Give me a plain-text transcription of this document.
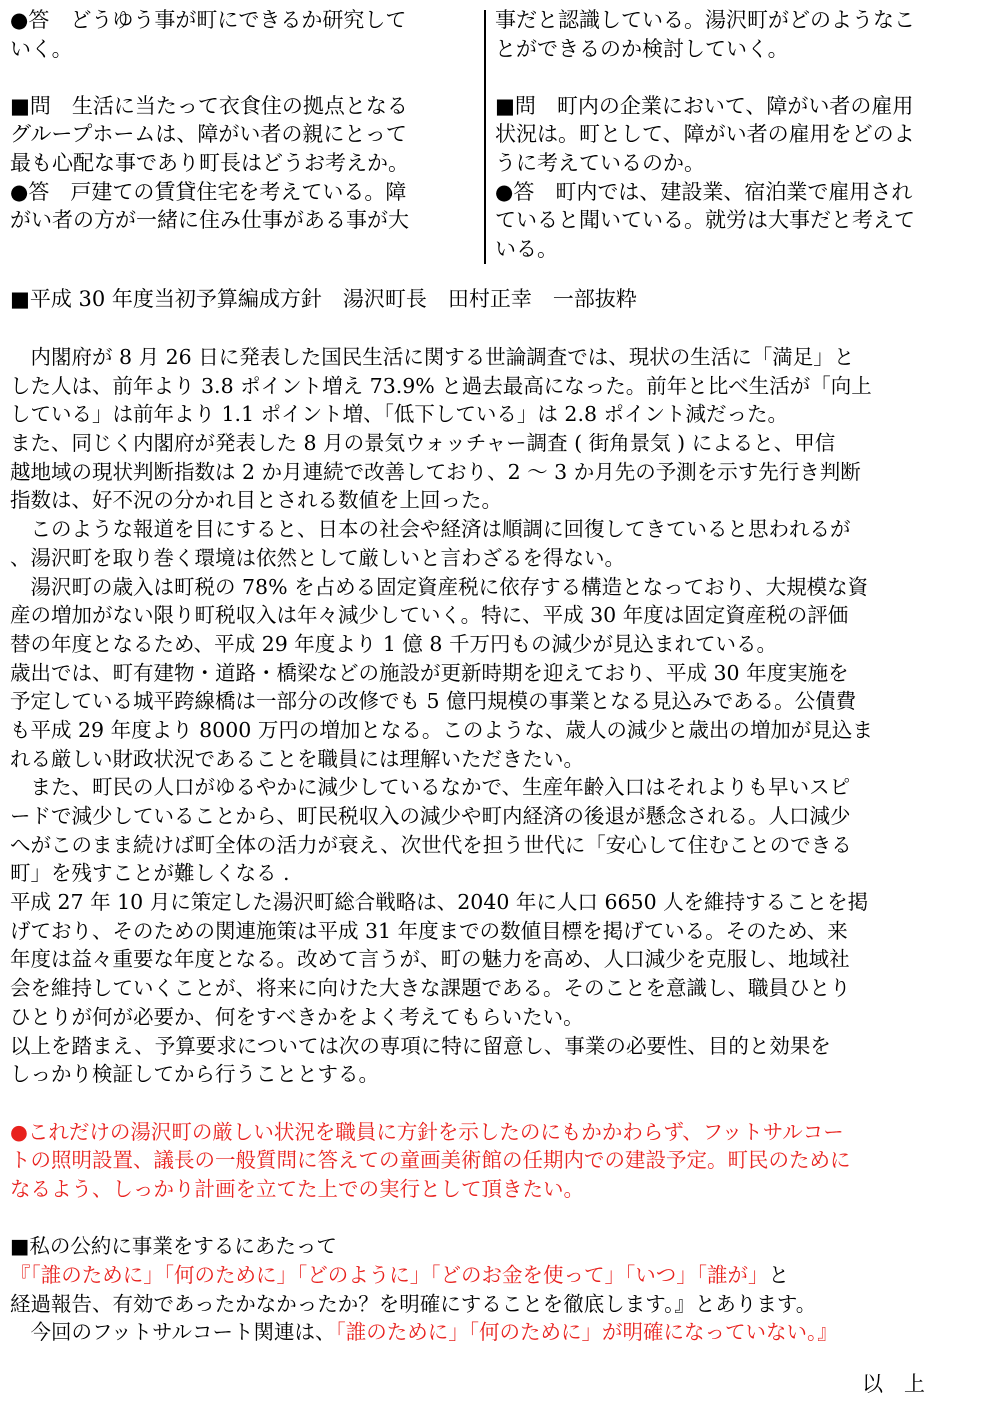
●答　どうゆう事が町にできるか研究して

いく。

■問　生活に当たって衣食住の拠点となる

グループホームは、障がい者の親にとって

最も心配な事であり町長はどうお考えか。

●答　戸建ての賃貸住宅を考えている。障

がい者の方が一緒に住み仕事がある事が大

事だと認識している。湯沢町がどのようなこ

とができるのか検討していく。

■問　町内の企業において、障がい者の雇用

状況は。町として、障がい者の雇用をどのよ

うに考えているのか。

●答　町内では、建設業、宿泊業で雇用され

ていると聞いている。就労は大事だと考えて

いる。

■平成 30 年度当初予算編成方針　湯沢町長　田村正幸　一部抜粋
　内閣府が 8 月 26 日に発表した国民生活に関する世論調査では、現状の生活に「満足」と
した人は、前年より 3.8 ポイント増え 73.9% と過去最高になった。前年と比べ生活が「向上
している」は前年より 1.1 ポイント増、「低下している」は 2.8 ポイント減だった。
また、同じく内閣府が発表した 8 月の景気ウォッチャー調査 ( 街角景気 ) によると、甲信
越地域の現状判断指数は 2 か月連続で改善しており、2 ～ 3 か月先の予測を示す先行き判断
指数は、好不況の分かれ目とされる数値を上回った。
　このような報道を目にすると、日本の社会や経済は順調に回復してきていると思われるが
、湯沢町を取り巻く環境は依然として厳しいと言わざるを得ない。
　湯沢町の歳入は町税の 78% を占める固定資産税に依存する構造となっており、大規模な資
産の増加がない限り町税収入は年々減少していく。特に、平成 30 年度は固定資産税の評価
替の年度となるため、平成 29 年度より 1 億 8 千万円もの減少が見込まれている。
歳出では、町有建物・道路・橋梁などの施設が更新時期を迎えており、平成 30 年度実施を
予定している城平跨線橋は一部分の改修でも 5 億円規模の事業となる見込みである。公債費
も平成 29 年度より 8000 万円の増加となる。このような、歳人の減少と歳出の増加が見込ま
れる厳しい財政状況であることを職員には理解いただきたい。
　また、町民の人口がゆるやかに減少しているなかで、生産年齢入口はそれよりも早いスピ
ードで減少していることから、町民税収入の減少や町内経済の後退が懸念される。人口減少
へがこのまま続けば町全体の活力が衰え、次世代を担う世代に「安心して住むことのできる
町」を残すことが難しくなる .
平成 27 年 10 月に策定した湯沢町総合戦略は、2040 年に人口 6650 人を維持することを掲
げており、そのための関連施策は平成 31 年度までの数値目標を掲げている。そのため、来
年度は益々重要な年度となる。改めて言うが、町の魅力を高め、人口減少を克服し、地域社
会を維持していくことが、将来に向けた大きな課題である。そのことを意識し、職員ひとり
ひとりが何が必要か、何をすべきかをよく考えてもらいたい。
以上を踏まえ、予算要求については次の専項に特に留意し、事業の必要性、目的と効果を
しっかり検証してから行うこととする。
●これだけの湯沢町の厳しい状況を職員に方針を示したのにもかかわらず、フットサルコー
トの照明設置、議長の一般質問に答えての童画美術館の任期内での建設予定。町民のために
なるよう、しっかり計画を立てた上での実行として頂きたい。
■私の公約に事業をするにあたって
『「誰のために」「何のために」「どのように」「どのお金を使って」「いつ」「誰が」と
経過報告、有効であったかなかったか？を明確にすることを徹底します。』とあります。
　今回のフットサルコート関連は、「誰のために」「何のために」が明確になっていない。』
以　上
